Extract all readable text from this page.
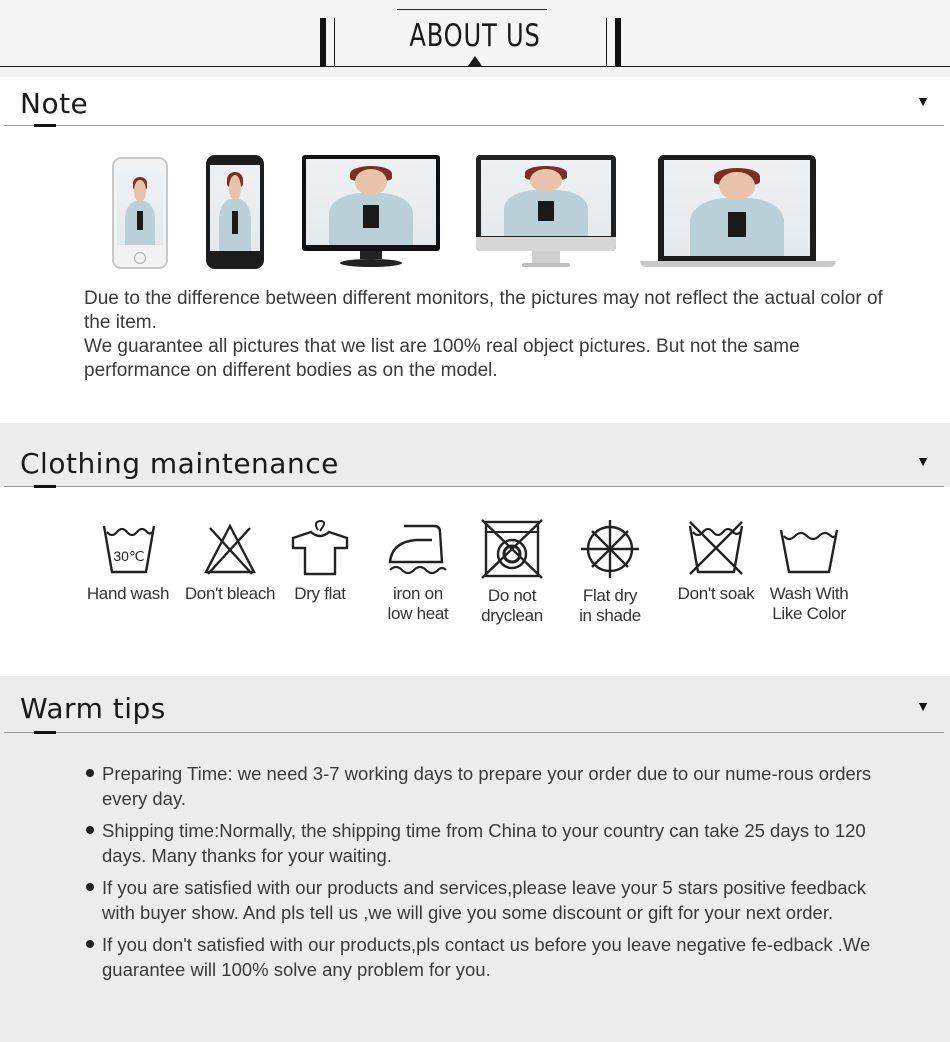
ABOUT US
Note	▼

Due to the difference between different monitors, the pictures may not reflect the actual color of the item.

We guarantee all pictures that we list are 100% real object pictures. But not the same performance on different bodies as on the model.

Clothing maintenance	▼
30℃
Hand wash Don't bleach	Dry flat	iron on
low heat
Do not
dryclean
Flat dry
in shade
Don't soak Wash With
Like Color
Warm tips	▼
Preparing Time: we need 3-7 working days to prepare your order due to our nume-rous orders every day.
Shipping time:Normally, the shipping time from China to your country can take 25 days to 120 days. Many thanks for your waiting.
If you are satisfied with our products and services,please leave your 5 stars positive feedback with buyer show. And pls tell us ,we will give you some discount or gift for your next order.
If you don't satisfied with our products,pls contact us before you leave negative fe-edback .We guarantee will 100% solve any problem for you.
